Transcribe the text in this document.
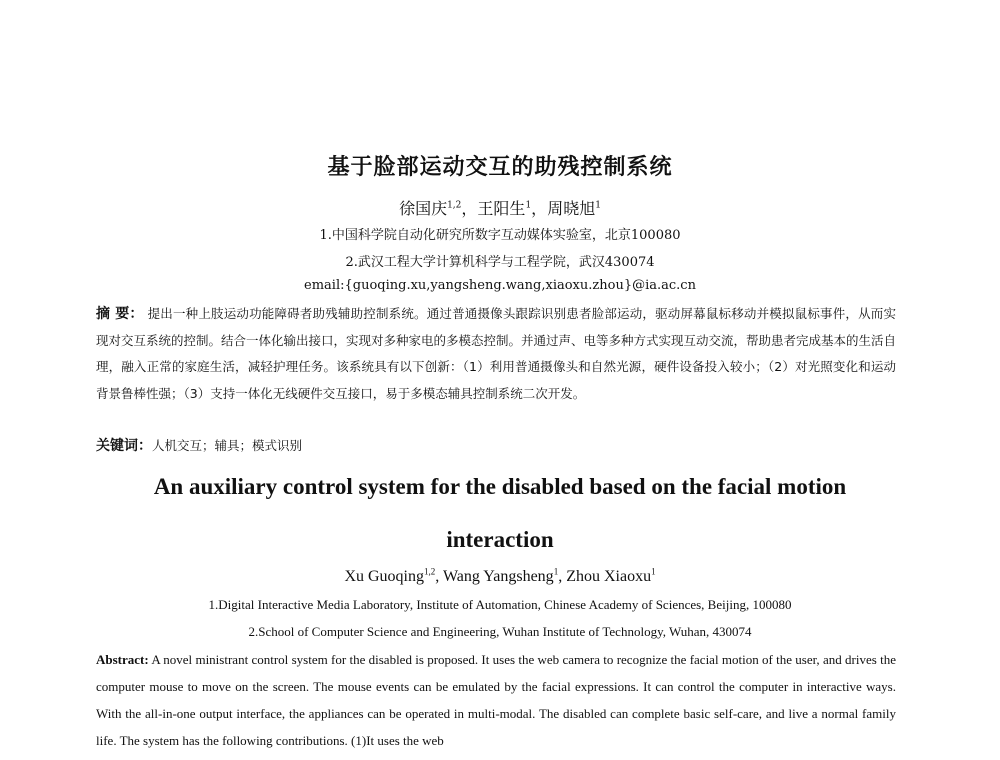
基于脸部运动交互的助残控制系统
徐国庆$^{1,2}$，王阳生$^1$，周晓旭$^1$
1.中国科学院自动化研究所数字互动媒体实验室，北京100080
2.武汉工程大学计算机科学与工程学院，武汉430074
email:{guoqing.xu,yangsheng.wang,xiaoxu.zhou}@ia.ac.cn
摘 要： 提出一种上肢运动功能障碍者助残辅助控制系统。通过普通摄像头跟踪识别患者脸部运动，驱动屏幕鼠标移动并模拟鼠标事件，从而实现对交互系统的控制。结合一体化输出接口，实现对多种家电的多模态控制。并通过声、电等多种方式实现互动交流，帮助患者完成基本的生活自理，融入正常的家庭生活，减轻护理任务。该系统具有以下创新：（1）利用普通摄像头和自然光源，硬件设备投入较小；（2）对光照变化和运动背景鲁棒性强；（3）支持一体化无线硬件交互接口，易于多模态辅具控制系统二次开发。
关键词：人机交互；辅具；模式识别
An auxiliary control system for the disabled based on the facial motion
interaction
Xu Guoqing$^{1,2}$, Wang Yangsheng$^1$, Zhou Xiaoxu$^1$
1.Digital Interactive Media Laboratory, Institute of Automation, Chinese Academy of Sciences, Beijing, 100080
2.School of Computer Science and Engineering, Wuhan Institute of Technology, Wuhan, 430074
Abstract: A novel ministrant control system for the disabled is proposed. It uses the web camera to recognize the facial motion of the user, and drives the computer mouse to move on the screen. The mouse events can be emulated by the facial expressions. It can control the computer in interactive ways. With the all-in-one output interface, the appliances can be operated in multi-modal. The disabled can complete basic self-care, and live a normal family life. The system has the following contributions. (1)It uses the web
